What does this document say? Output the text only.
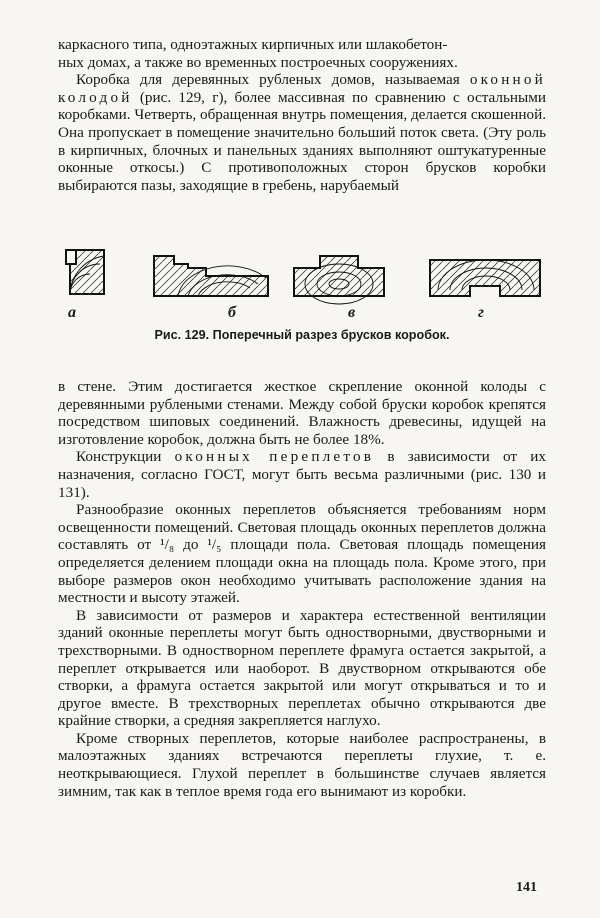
каркасного типа, одноэтажных кирпичных или шлакобетон-
ных домах, а также во временных построечных сооружениях.

Коробка для деревянных рубленых домов, называемая оконной колодой (рис. 129, г), более массивная по сравнению с остальными коробками. Четверть, обращенная внутрь помещения, делается скошенной. Она пропускает в помещение значительно больший поток света. (Эту роль в кирпичных, блочных и панельных зданиях выполняют оштукатуренные оконные откосы.) С противоположных сторон брусков коробки выбираются пазы, заходящие в гребень, нарубаемый

а	б	в	г
Рис. 129. Поперечный разрез брусков коробок.

в стене. Этим достигается жесткое скрепление оконной колоды с деревянными рублеными стенами. Между собой бруски коробок крепятся посредством шиповых соединений. Влажность древесины, идущей на изготовление коробок, должна быть не более 18%.

Конструкции оконных переплетов в зависимости от их назначения, согласно ГОСТ, могут быть весьма различными (рис. 130 и 131).

Разнообразие оконных переплетов объясняется требованиям норм освещенности помещений. Световая площадь оконных переплетов должна составлять от ¹/₈ до ¹/₅ площади пола. Световая площадь помещения определяется делением площади окна на площадь пола. Кроме этого, при выборе размеров окон необходимо учитывать расположение здания на местности и высоту этажей.

В зависимости от размеров и характера естественной вентиляции зданий оконные переплеты могут быть одностворными, двустворными и трехстворными. В одностворном переплете фрамуга остается закрытой, а переплет открывается или наоборот. В двустворном открываются обе створки, а фрамуга остается закрытой или могут открываться и то и другое вместе. В трехстворных переплетах обычно открываются две крайние створки, а средняя закрепляется наглухо.

Кроме створных переплетов, которые наиболее распространены, в малоэтажных зданиях встречаются переплеты глухие, т. е. неоткрывающиеся. Глухой переплет в большинстве случаев является зимним, так как в теплое время года его вынимают из коробки.

141
